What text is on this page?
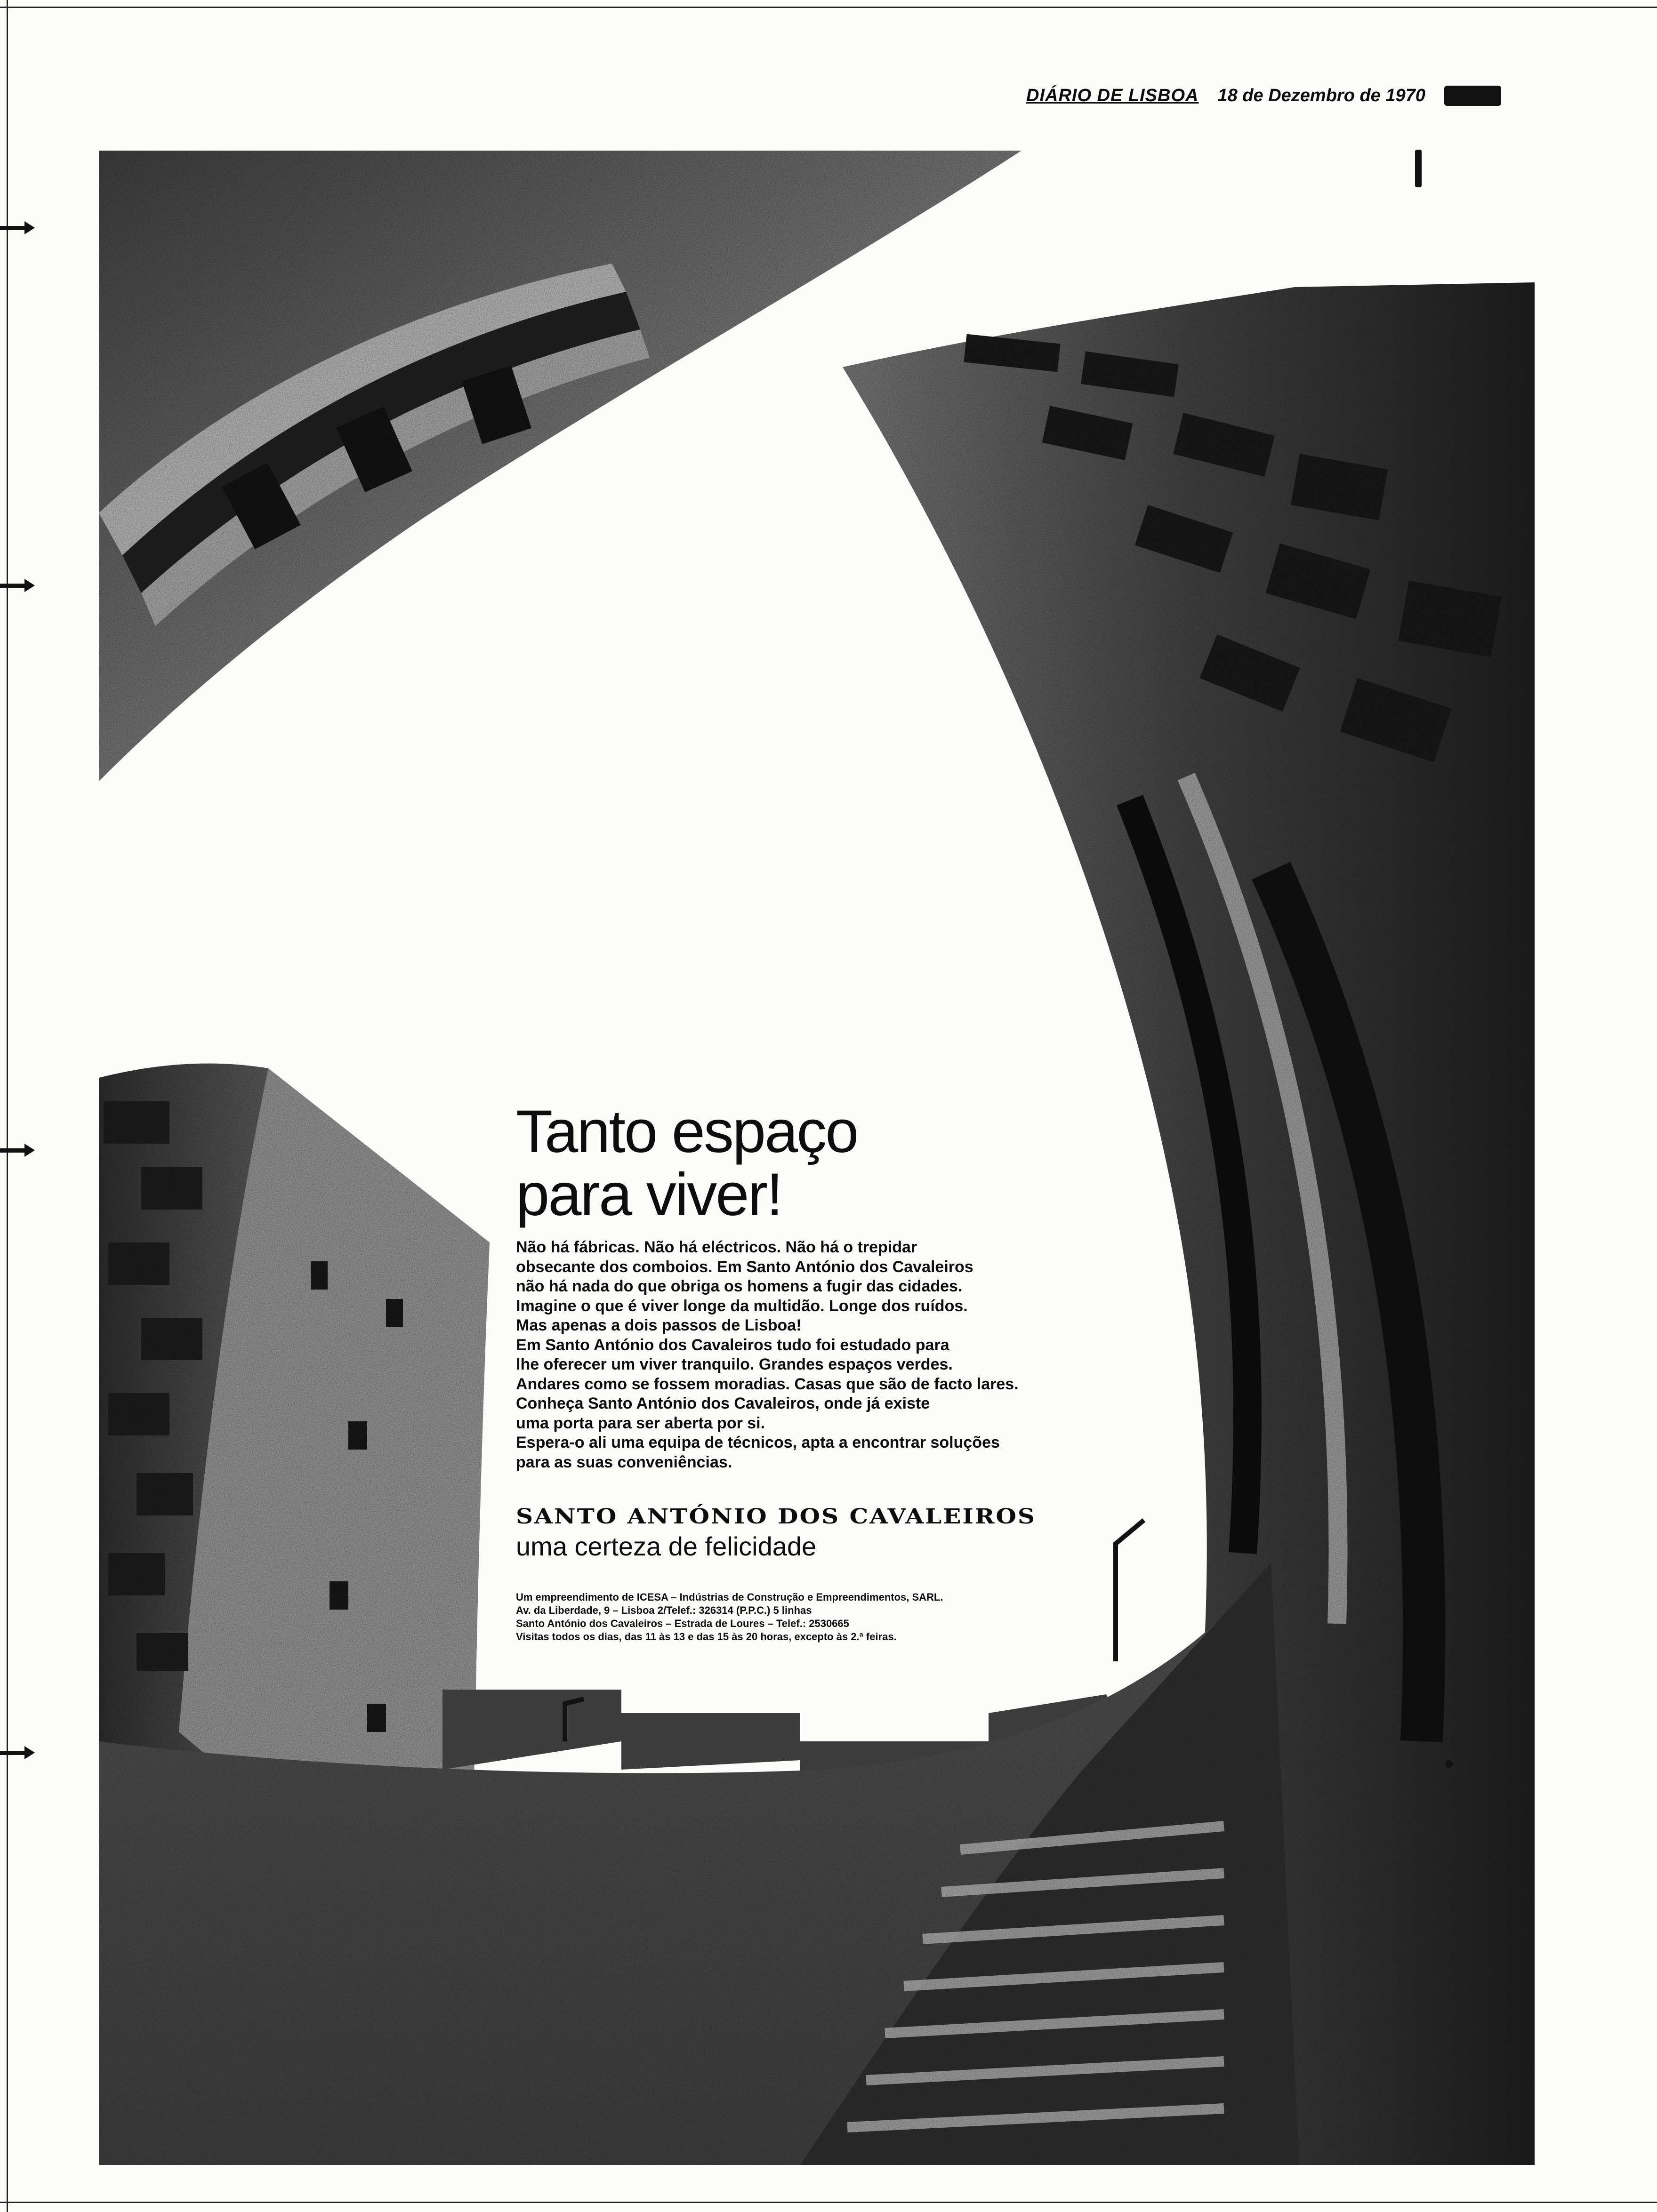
DIÁRIO DE LISBOA 18 de Dezembro de 1970 P
Tanto espaço
para viver!
Não há fábricas. Não há eléctricos. Não há o trepidar
obsecante dos comboios. Em Santo António dos Cavaleiros
não há nada do que obriga os homens a fugir das cidades.
Imagine o que é viver longe da multidão. Longe dos ruídos.
Mas apenas a dois passos de Lisboa!
Em Santo António dos Cavaleiros tudo foi estudado para
lhe oferecer um viver tranquilo. Grandes espaços verdes.
Andares como se fossem moradias. Casas que são de facto lares.
Conheça Santo António dos Cavaleiros, onde já existe
uma porta para ser aberta por si.
Espera-o ali uma equipa de técnicos, apta a encontrar soluções
para as suas conveniências.
SANTO ANTÓNIO DOS CAVALEIROS
uma certeza de felicidade
Um empreendimento de ICESA – Indústrias de Construção e Empreendimentos, SARL.
Av. da Liberdade, 9 – Lisboa 2/Telef.: 326314 (P.P.C.) 5 linhas
Santo António dos Cavaleiros – Estrada de Loures – Telef.: 2530665
Visitas todos os dias, das 11 às 13 e das 15 às 20 horas, excepto às 2.ª feiras.
